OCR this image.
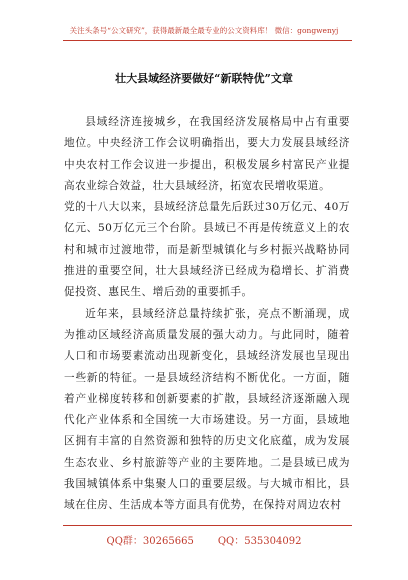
关注头条号“公文研究”，获得最新最全最专业的公文资料库！ 微信：gongwenyj
壮大县域经济要做好“新联特优”文章

县域经济连接城乡，在我国经济发展格局中占有重要地位。中央经济工作会议明确指出，要大力发展县域经济中央农村工作会议进一步提出，积极发展乡村富民产业提高农业综合效益，壮大县域经济，拓宽农民增收渠道。

党的十八大以来，县域经济总量先后跃过30万亿元、40万亿元、50万亿元三个台阶。县域已不再是传统意义上的农村和城市过渡地带，而是新型城镇化与乡村振兴战略协同推进的重要空间，壮大县域经济已经成为稳增长、扩消费促投资、惠民生、增后劲的重要抓手。

近年来，县域经济总量持续扩张，亮点不断涌现，成为推动区域经济高质量发展的强大动力。与此同时，随着人口和市场要素流动出现新变化，县域经济发展也呈现出一些新的特征。一是县域经济结构不断优化。一方面，随着产业梯度转移和创新要素的扩散，县域经济逐渐融入现代化产业体系和全国统一大市场建设。另一方面，县域地区拥有丰富的自然资源和独特的历史文化底蕴，成为发展生态农业、乡村旅游等产业的主要阵地。二是县域已成为我国城镇体系中集聚人口的重要层级。与大城市相比，县域在住房、生活成本等方面具有优势，在保持对周边农村

QQ群：30265665 QQ：535304092
